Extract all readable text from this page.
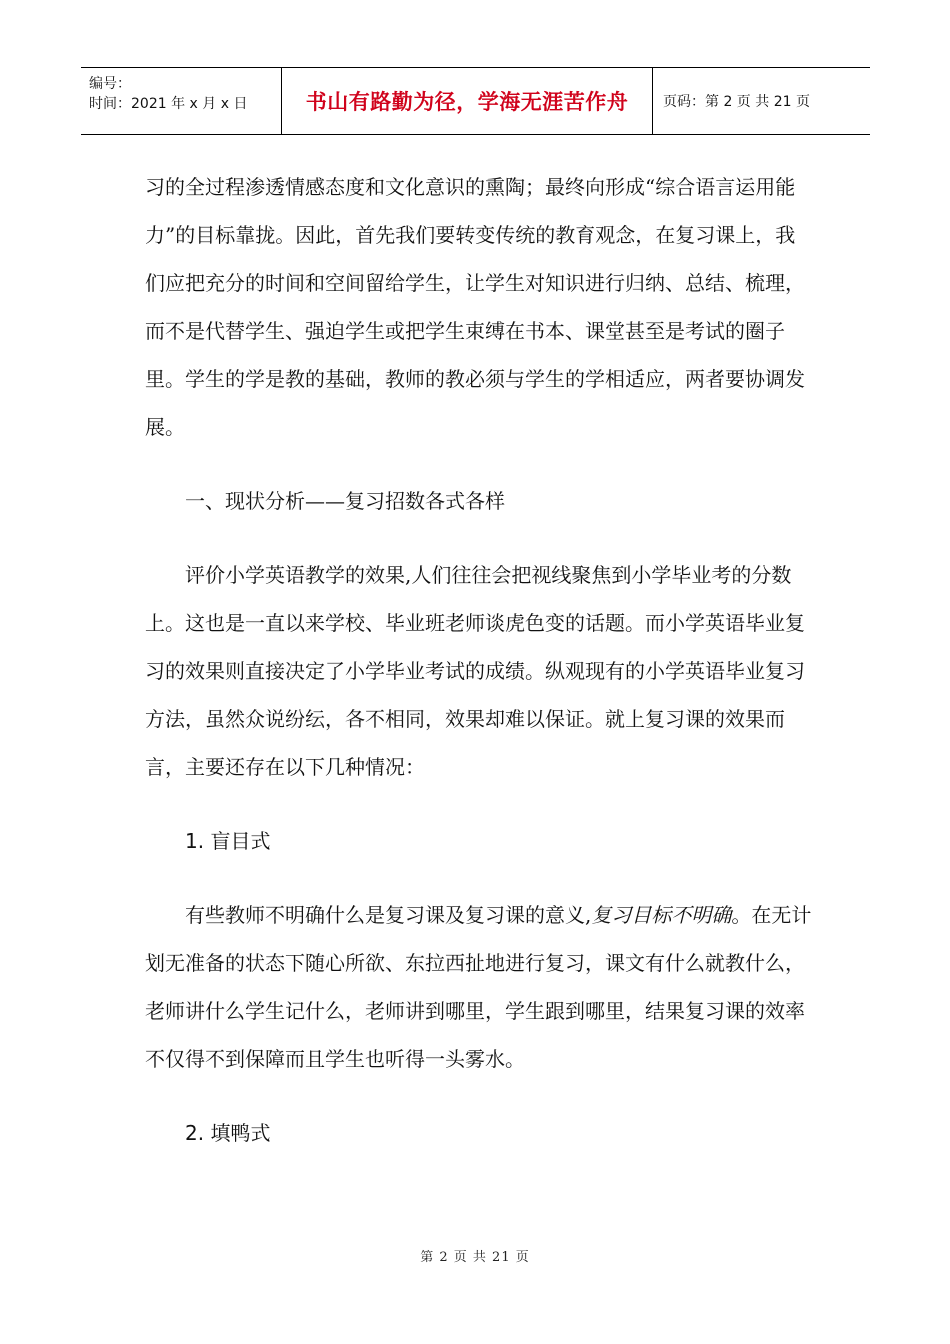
编号：
时间：2021 年 x 月 x 日	书山有路勤为径，学海无涯苦作舟	页码：第 2 页 共 21 页

习的全过程渗透情感态度和文化意识的熏陶；最终向形成“综合语言运用能力”的目标靠拢。因此，首先我们要转变传统的教育观念，在复习课上，我们应把充分的时间和空间留给学生，让学生对知识进行归纳、总结、梳理，而不是代替学生、强迫学生或把学生束缚在书本、课堂甚至是考试的圈子里。学生的学是教的基础，教师的教必须与学生的学相适应，两者要协调发展。

一、现状分析——复习招数各式各样

评价小学英语教学的效果,人们往往会把视线聚焦到小学毕业考的分数上。这也是一直以来学校、毕业班老师谈虎色变的话题。而小学英语毕业复习的效果则直接决定了小学毕业考试的成绩。纵观现有的小学英语毕业复习方法，虽然众说纷纭，各不相同，效果却难以保证。就上复习课的效果而言，主要还存在以下几种情况：

1. 盲目式

有些教师不明确什么是复习课及复习课的意义,复习目标不明确。在无计划无准备的状态下随心所欲、东拉西扯地进行复习，课文有什么就教什么，老师讲什么学生记什么，老师讲到哪里，学生跟到哪里，结果复习课的效率不仅得不到保障而且学生也听得一头雾水。

2. 填鸭式

第 2 页 共 21 页
